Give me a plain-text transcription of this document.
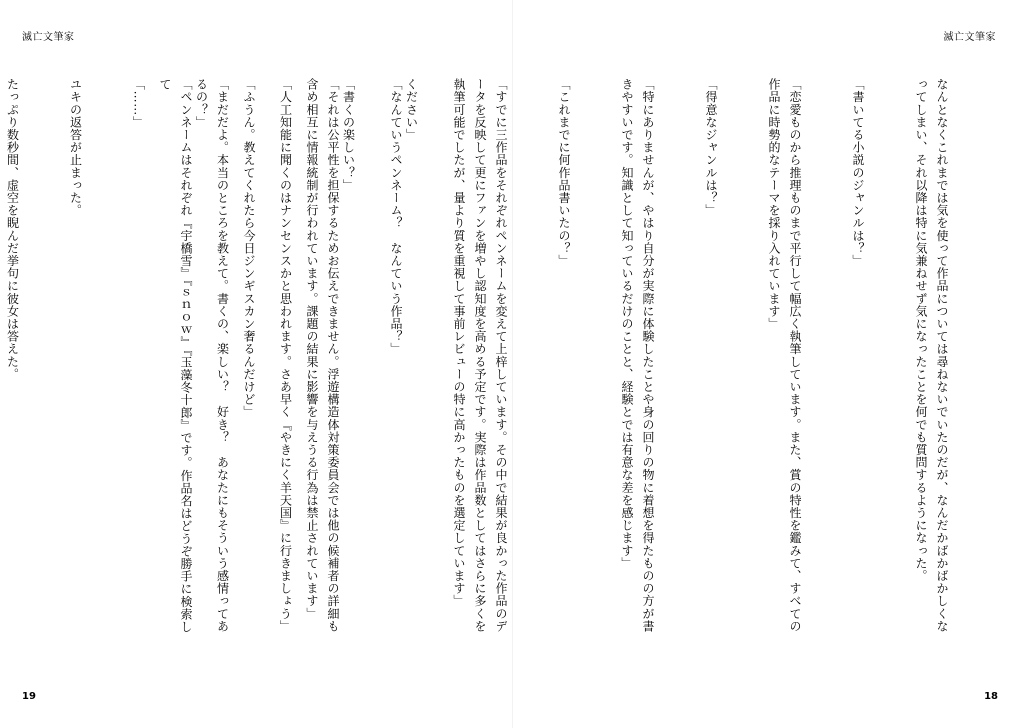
滅亡文筆家

ください」

「書くの楽しい？」

「人工知能に聞くのはナンセンスかと思われます。さあ早く『やきにく羊天国』に行きましょう」

「まだだよ。本当のところを教えて。書くの、楽しい？　好き？　あなたにもそういう感情ってあるの？」

「……」

ユキの返答が止まった。

たっぷり数秒間、虚空を睨んだ挙句に彼女は答えた。

19
滅亡文筆家

なんとなくこれまでは気を使って作品については尋ねないでいたのだが、なんだかばかばかしくなってしまい、それ以降は特に気兼ねせず気になったことを何でも質問するようになった。

「書いてる小説のジャンルは？」

「恋愛ものから推理ものまで平行して幅広く執筆しています。また、賞の特性を鑑みて、すべての作品に時勢的なテーマを採り入れています」

「得意なジャンルは？」

「特にありませんが、やはり自分が実際に体験したことや身の回りの物に着想を得たものの方が書きやすいです。知識として知っているだけのことと、経験とでは有意な差を感じます」

「これまでに何作品書いたの？」

「すでに三作品をそれぞれペンネームを変えて上梓しています。その中で結果が良かった作品のデータを反映して更にファンを増やし認知度を高める予定です。実際は作品数としてはさらに多くを執筆可能でしたが、量より質を重視して事前レビューの特に高かったものを選定しています」

「なんていうペンネーム？　なんていう作品？」

「それは公平性を担保するためお伝えできません。浮遊構造体対策委員会では他の候補者の詳細も含め相互に情報統制が行われています。課題の結果に影響を与えうる行為は禁止されています」

「ふうん。教えてくれたら今日ジンギスカン奢るんだけど」

「ペンネームはそれぞれ『宇橋雪』『ｓｎｏｗ』『玉藻冬十郎』です。作品名はどうぞ勝手に検索して

18
